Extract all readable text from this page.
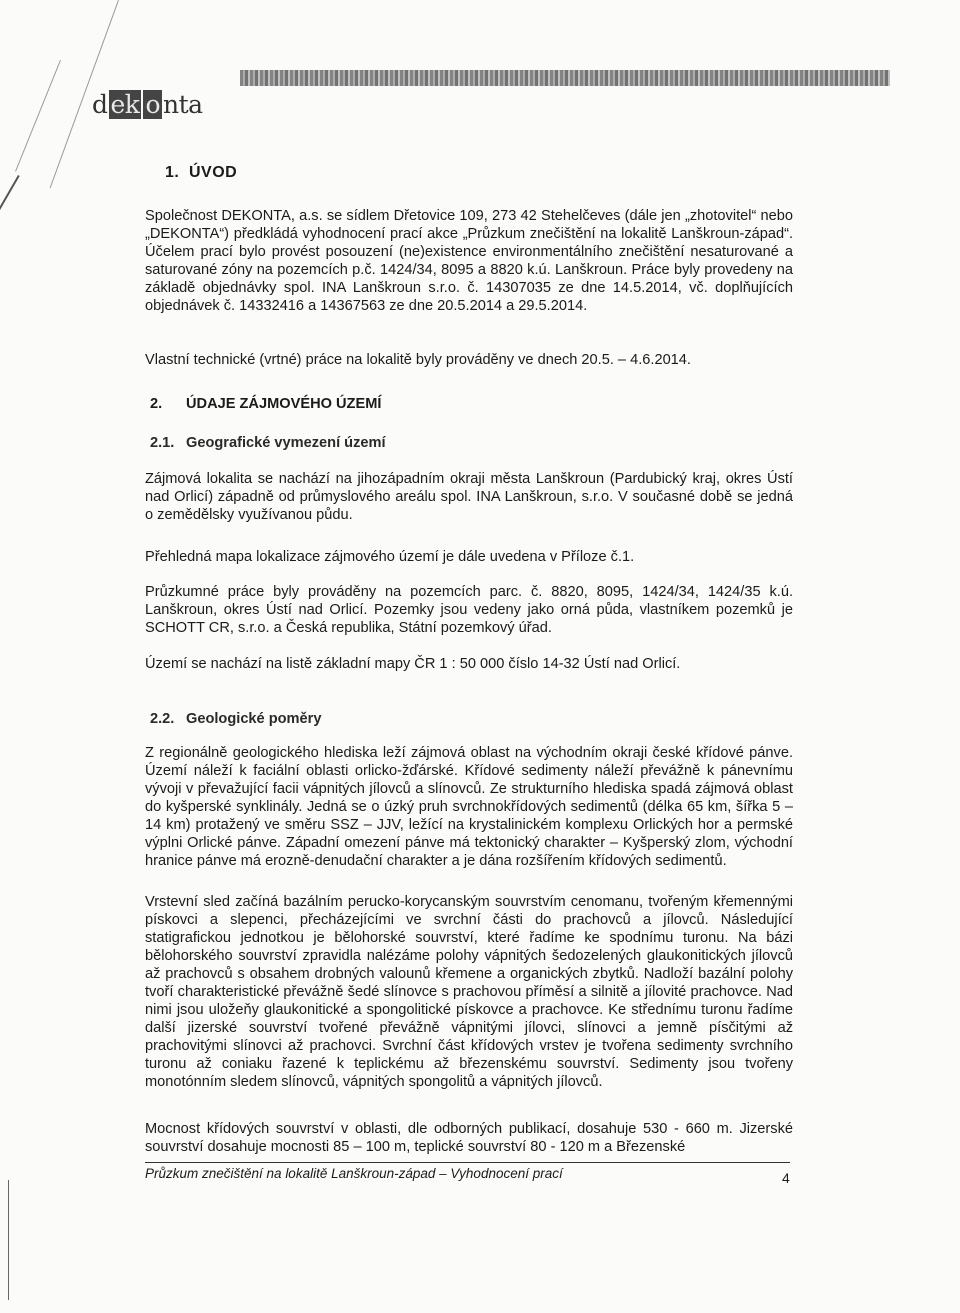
d ek o nta
1. ÚVOD

Společnost DEKONTA, a.s. se sídlem Dřetovice 109, 273 42 Stehelčeves (dále jen „zhotovitel“ nebo „DEKONTA“) předkládá vyhodnocení prací akce „Průzkum znečištění na lokalitě Lanškroun-západ“. Účelem prací bylo provést posouzení (ne)existence environmentálního znečištění nesaturované a saturované zóny na pozemcích p.č. 1424/34, 8095 a 8820 k.ú. Lanškroun. Práce byly provedeny na základě objednávky spol. INA Lanškroun s.r.o. č. 14307035 ze dne 14.5.2014, vč. doplňujících objednávek č. 14332416 a 14367563 ze dne 20.5.2014 a 29.5.2014.

Vlastní technické (vrtné) práce na lokalitě byly prováděny ve dnech 20.5. – 4.6.2014.

2. ÚDAJE ZÁJMOVÉHO ÚZEMÍ
2.1. Geografické vymezení území

Zájmová lokalita se nachází na jihozápadním okraji města Lanškroun (Pardubický kraj, okres Ústí nad Orlicí) západně od průmyslového areálu spol. INA Lanškroun, s.r.o. V současné době se jedná o zemědělsky využívanou půdu.

Přehledná mapa lokalizace zájmového území je dále uvedena v Příloze č.1.

Průzkumné práce byly prováděny na pozemcích parc. č. 8820, 8095, 1424/34, 1424/35 k.ú. Lanškroun, okres Ústí nad Orlicí. Pozemky jsou vedeny jako orná půda, vlastníkem pozemků je SCHOTT CR, s.r.o. a Česká republika, Státní pozemkový úřad.

Území se nachází na listě základní mapy ČR 1 : 50 000 číslo 14-32 Ústí nad Orlicí.

2.2. Geologické poměry

Z regionálně geologického hlediska leží zájmová oblast na východním okraji české křídové pánve. Území náleží k faciální oblasti orlicko-žďárské. Křídové sedimenty náleží převážně k pánevnímu vývoji v převažující facii vápnitých jílovců a slínovců. Ze strukturního hlediska spadá zájmová oblast do kyšperské synklinály. Jedná se o úzký pruh svrchnokřídových sedimentů (délka 65 km, šířka 5 – 14 km) protažený ve směru SSZ – JJV, ležící na krystalinickém komplexu Orlických hor a permské výplni Orlické pánve. Západní omezení pánve má tektonický charakter – Kyšperský zlom, východní hranice pánve má erozně-denudační charakter a je dána rozšířením křídových sedimentů.

Vrstevní sled začíná bazálním perucko-korycanským souvrstvím cenomanu, tvořeným křemennými pískovci a slepenci, přecházejícími ve svrchní části do prachovců a jílovců. Následující statigrafickou jednotkou je bělohorské souvrství, které řadíme ke spodnímu turonu. Na bázi bělohorského souvrství zpravidla nalézáme polohy vápnitých šedozelených glaukonitických jílovců až prachovců s obsahem drobných valounů křemene a organických zbytků. Nadloží bazální polohy tvoří charakteristické převážně šedé slínovce s prachovou příměsí a silnitě a jílovité prachovce. Nad nimi jsou uložeňy glaukonitické a spongolitické pískovce a prachovce. Ke střednímu turonu řadíme další jizerské souvrství tvořené převážně vápnitými jílovci, slínovci a jemně písčitými až prachovitými slínovci až prachovci. Svrchní část křídových vrstev je tvořena sedimenty svrchního turonu až coniaku řazené k teplickému až březenskému souvrství. Sedimenty jsou tvořeny monotónním sledem slínovců, vápnitých spongolitů a vápnitých jílovců.

Mocnost křídových souvrství v oblasti, dle odborných publikací, dosahuje 530 - 660 m. Jizerské souvrství dosahuje mocnosti 85 – 100 m, teplické souvrství 80 - 120 m a Březenské

Průzkum znečištění na lokalitě Lanškroun-západ – Vyhodnocení prací	4
